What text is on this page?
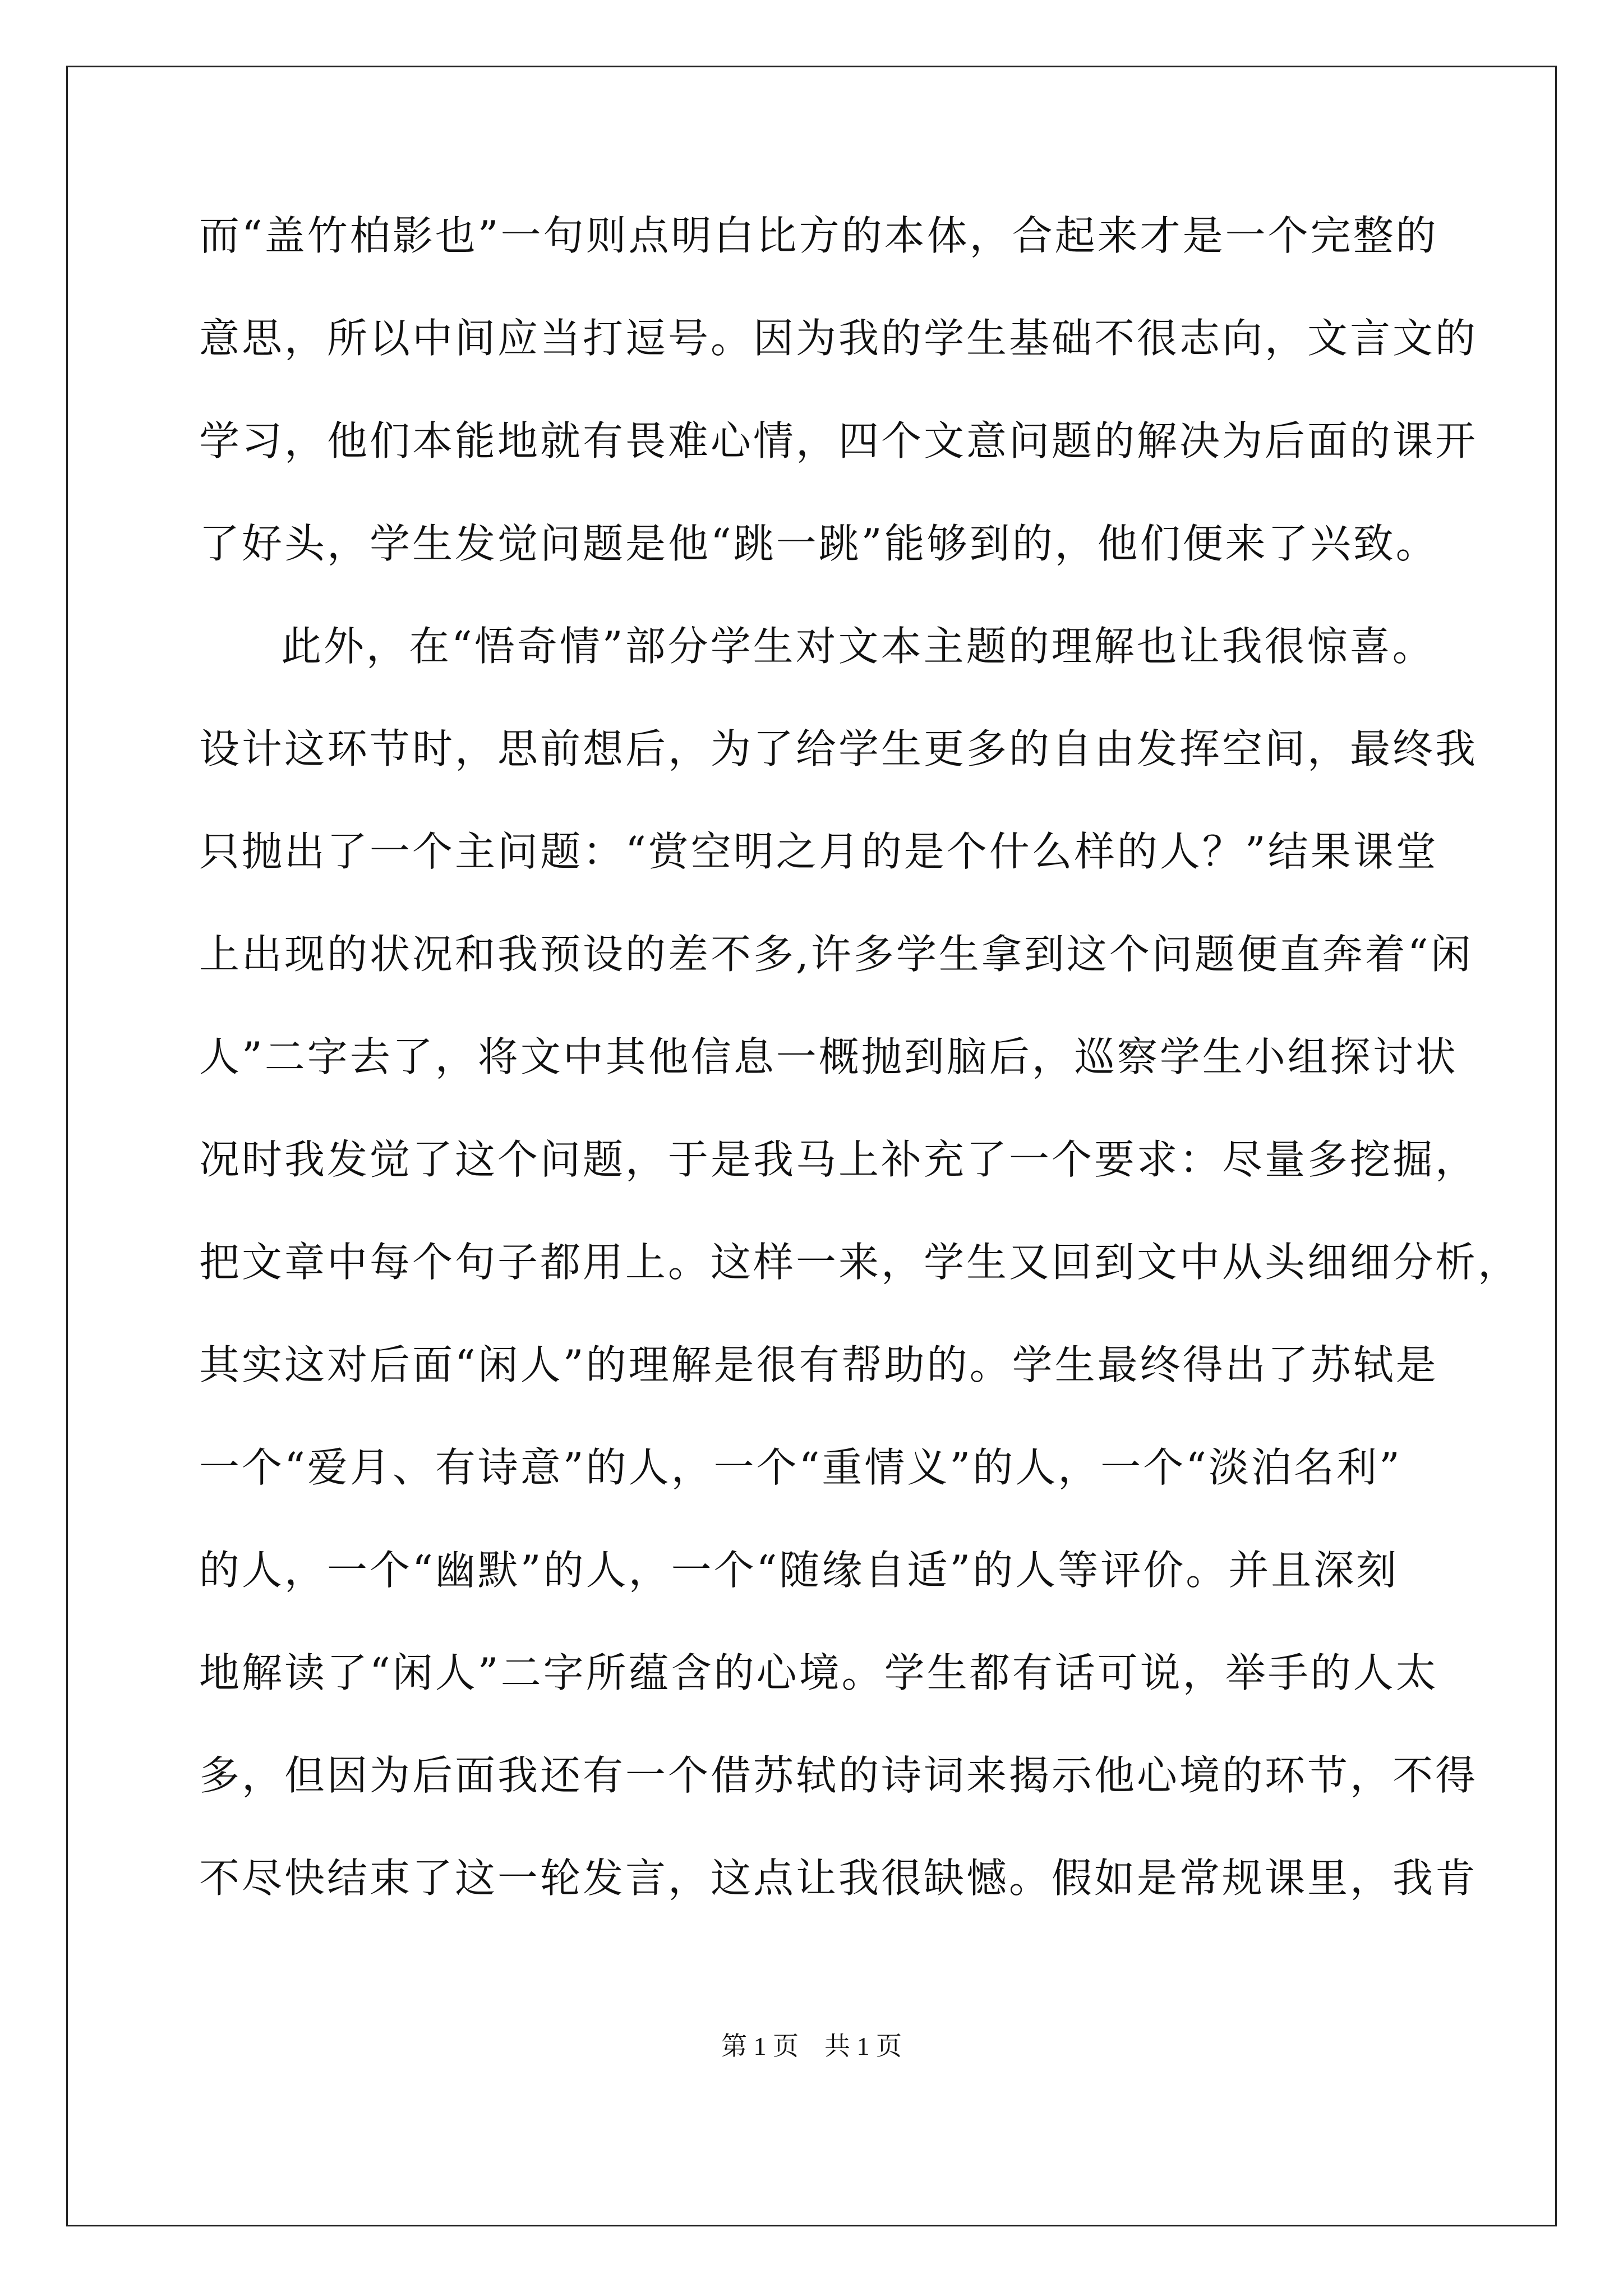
而“盖竹柏影也”一句则点明白比方的本体，合起来才是一个完整的
意思，所以中间应当打逗号。因为我的学生基础不很志向，文言文的
学习，他们本能地就有畏难心情，四个文意问题的解决为后面的课开
了好头，学生发觉问题是他“跳一跳”能够到的，他们便来了兴致。
此外，在“悟奇情”部分学生对文本主题的理解也让我很惊喜。
设计这环节时，思前想后，为了给学生更多的自由发挥空间，最终我
只抛出了一个主问题：“赏空明之月的是个什么样的人？”结果课堂
上出现的状况和我预设的差不多,许多学生拿到这个问题便直奔着“闲
人”二字去了，将文中其他信息一概抛到脑后，巡察学生小组探讨状
况时我发觉了这个问题，于是我马上补充了一个要求：尽量多挖掘，
把文章中每个句子都用上。这样一来，学生又回到文中从头细细分析，
其实这对后面“闲人”的理解是很有帮助的。学生最终得出了苏轼是
一个“爱月、有诗意”的人，一个“重情义”的人，一个“淡泊名利”
的人，一个“幽默”的人，一个“随缘自适”的人等评价。并且深刻
地解读了“闲人”二字所蕴含的心境。学生都有话可说，举手的人太
多，但因为后面我还有一个借苏轼的诗词来揭示他心境的环节，不得
不尽快结束了这一轮发言，这点让我很缺憾。假如是常规课里，我肯
第 1 页 共 1 页
